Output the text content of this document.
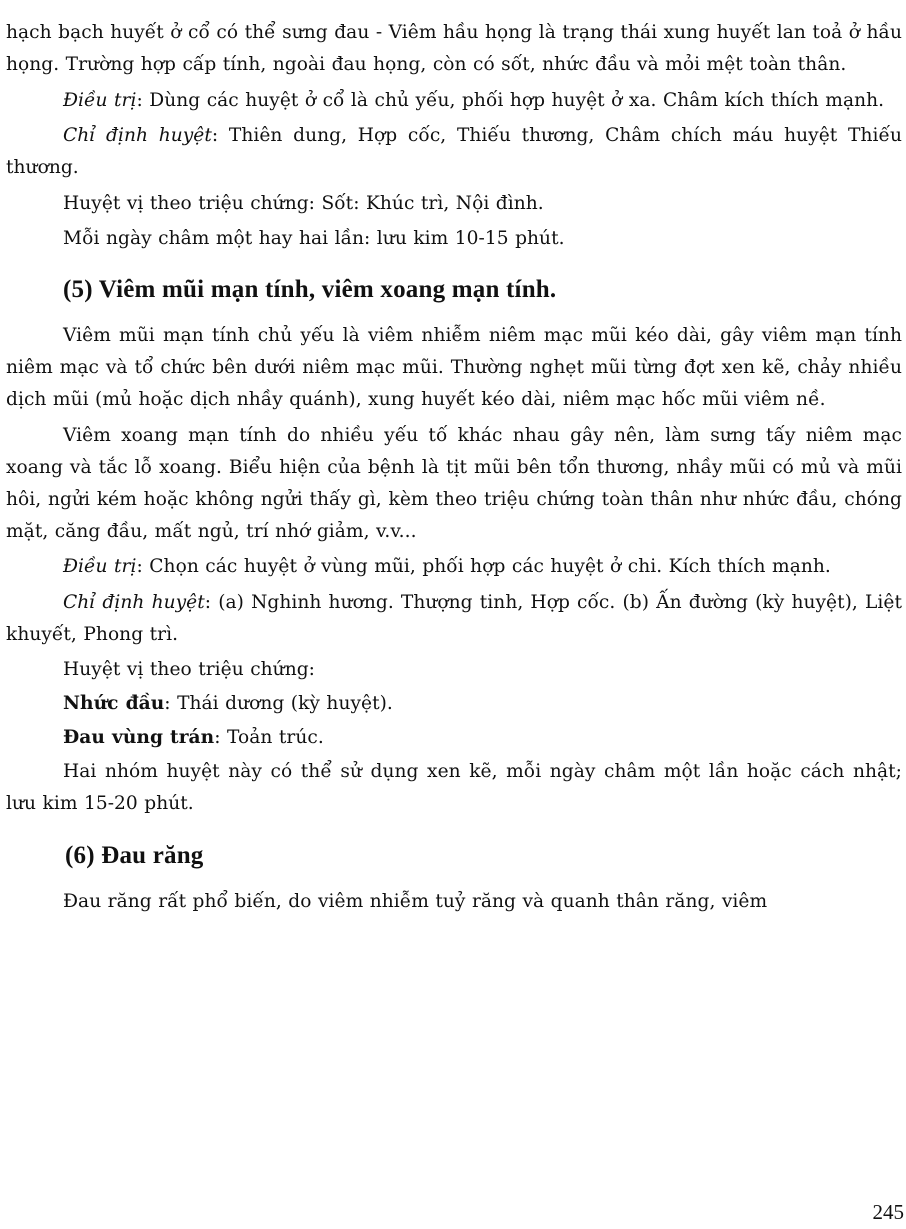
hạch bạch huyết ở cổ có thể sưng đau - Viêm hầu họng là trạng thái xung huyết lan toả ở hầu họng. Trường hợp cấp tính, ngoài đau họng, còn có sốt, nhức đầu và mỏi mệt toàn thân.

Điều trị: Dùng các huyệt ở cổ là chủ yếu, phối hợp huyệt ở xa. Châm kích thích mạnh.

Chỉ định huyệt: Thiên dung, Hợp cốc, Thiếu thương, Châm chích máu huyệt Thiếu thương.

Huyệt vị theo triệu chứng: Sốt: Khúc trì, Nội đình.

Mỗi ngày châm một hay hai lần: lưu kim 10-15 phút.

(5) Viêm mũi mạn tính, viêm xoang mạn tính.

Viêm mũi mạn tính chủ yếu là viêm nhiễm niêm mạc mũi kéo dài, gây viêm mạn tính niêm mạc và tổ chức bên dưới niêm mạc mũi. Thường nghẹt mũi từng đợt xen kẽ, chảy nhiều dịch mũi (mủ hoặc dịch nhầy quánh), xung huyết kéo dài, niêm mạc hốc mũi viêm nề.

Viêm xoang mạn tính do nhiều yếu tố khác nhau gây nên, làm sưng tấy niêm mạc xoang và tắc lỗ xoang. Biểu hiện của bệnh là tịt mũi bên tổn thương, nhầy mũi có mủ và mũi hôi, ngửi kém hoặc không ngửi thấy gì, kèm theo triệu chứng toàn thân như nhức đầu, chóng mặt, căng đầu, mất ngủ, trí nhớ giảm, v.v...

Điều trị: Chọn các huyệt ở vùng mũi, phối hợp các huyệt ở chi. Kích thích mạnh.

Chỉ định huyệt: (a) Nghinh hương. Thượng tinh, Hợp cốc. (b) Ấn đường (kỳ huyệt), Liệt khuyết, Phong trì.

Huyệt vị theo triệu chứng:

Nhức đầu: Thái dương (kỳ huyệt).

Đau vùng trán: Toản trúc.

Hai nhóm huyệt này có thể sử dụng xen kẽ, mỗi ngày châm một lần hoặc cách nhật; lưu kim 15-20 phút.

(6) Đau răng

Đau răng rất phổ biến, do viêm nhiễm tuỷ răng và quanh thân răng, viêm

245
